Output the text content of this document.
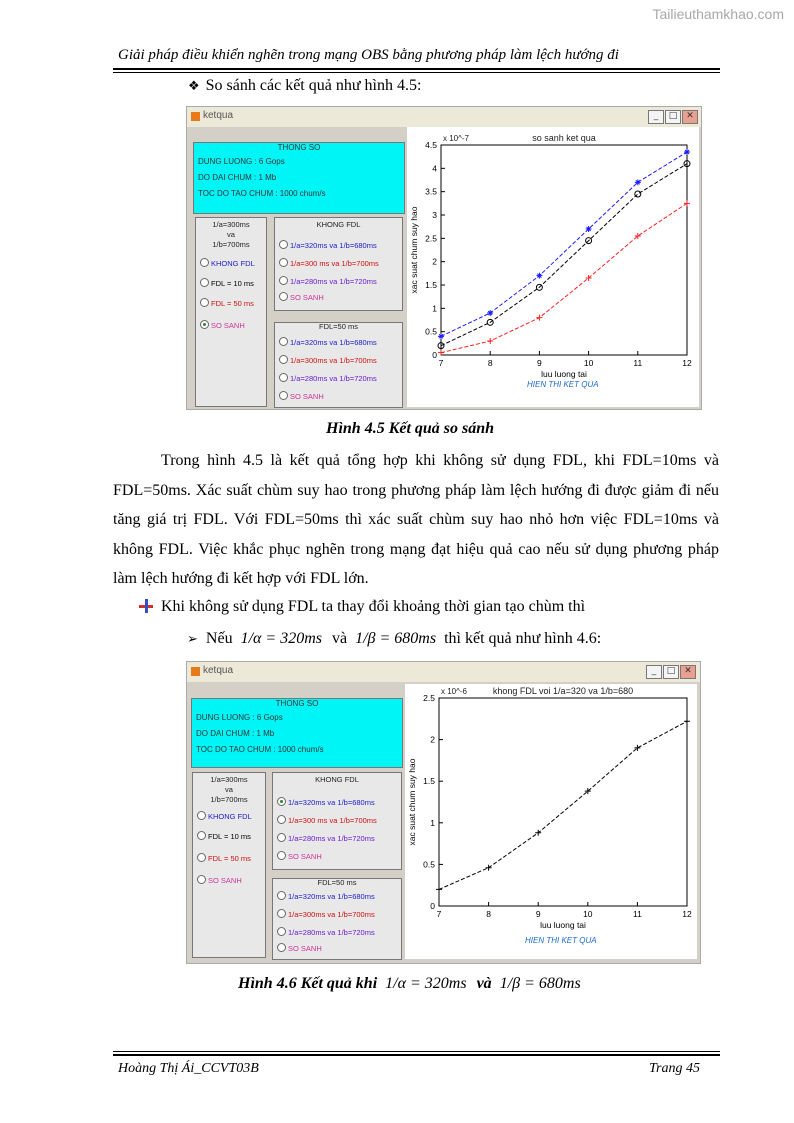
Tailieuthamkhao.com
Giải pháp điều khiển nghẽn trong mạng OBS bằng phương pháp làm lệch hướng đi
❖ So sánh các kết quả như hình 4.5:
ketqua	_	□ ✕
THONG SO
DUNG LUONG : 6 Gops
DO DAI CHUM : 1 Mb
TOC DO TAO CHUM : 1000 chum/s
1/a=300ms
va
1/b=700ms
KHONG FDL
FDL = 10 ms
FDL = 50 ms
SO SANH
KHONG FDL
1/a=320ms va 1/b=680ms
1/a=300 ms va 1/b=700ms
1/a=280ms va 1/b=720ms
SO SANH
FDL=50 ms
1/a=320ms va 1/b=680ms
1/a=300ms va 1/b=700ms
1/a=280ms va 1/b=720ms
SO SANH
so sanh ket qua
x 10^-7
7	8	9	10	11	12
0
0.5
1
1.5
2
2.5
3
3.5
4
4.5
luu luong tai
xac suat chum suy hao
HIEN THI KET QUA
Hình 4.5 Kết quả so sánh
Trong hình 4.5 là kết quả tổng hợp khi không sử dụng FDL, khi FDL=10ms và FDL=50ms. Xác suất chùm suy hao trong phương pháp làm lệch hướng đi được giảm đi nếu tăng giá trị FDL. Với FDL=50ms thì xác suất chùm suy hao nhỏ hơn việc FDL=10ms và không FDL. Việc khắc phục nghẽn trong mạng đạt hiệu quả cao nếu sử dụng phương pháp làm lệch hướng đi kết hợp với FDL lớn.
Khi không sử dụng FDL ta thay đổi khoảng thời gian tạo chùm thì
➢ Nếu 1/α = 320ms và 1/β = 680ms thì kết quả như hình 4.6:
ketqua	_	□ ✕
THONG SO
DUNG LUONG : 6 Gops
DO DAI CHUM : 1 Mb
TOC DO TAO CHUM : 1000 chum/s
1/a=300ms
va
1/b=700ms
KHONG FDL
FDL = 10 ms
FDL = 50 ms
SO SANH
KHONG FDL
1/a=320ms va 1/b=680ms
1/a=300 ms va 1/b=700ms
1/a=280ms va 1/b=720ms
SO SANH
FDL=50 ms
1/a=320ms va 1/b=680ms
1/a=300ms va 1/b=700ms
1/a=280ms va 1/b=720ms
SO SANH
khong FDL voi 1/a=320 va 1/b=680
x 10^-6
7	8	9	10	11	12
0
0.5
1
1.5
2
2.5
luu luong tai
xac suat chum suy hao
HIEN THI KET QUA
Hình 4.6 Kết quả khi 1/α = 320ms và 1/β = 680ms
Hoàng Thị Ái_CCVT03B	Trang 45
